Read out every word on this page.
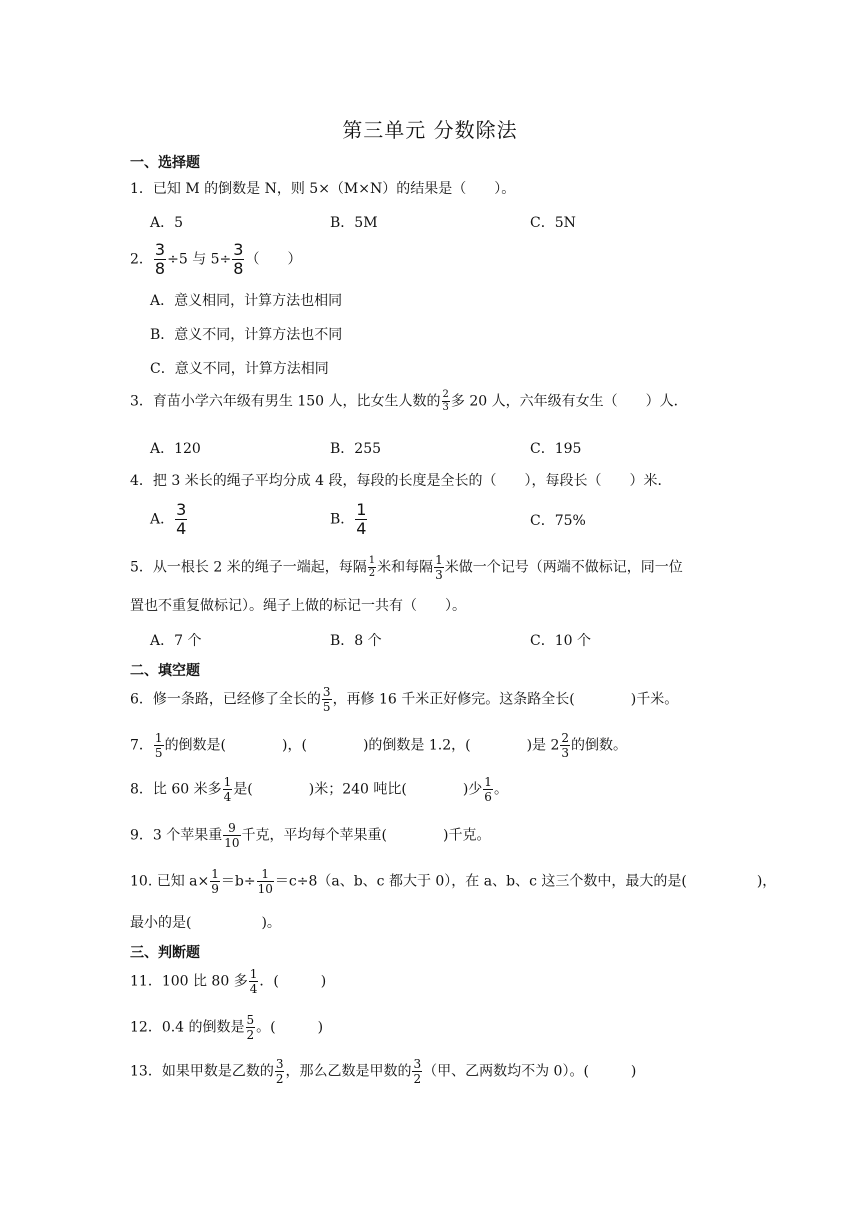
第三单元 分数除法
一、选择题
1．已知 M 的倒数是 N，则 5×（M×N）的结果是（　　）。
A．5	B．5M	C．5N
2． $\frac{3}{8} \div 5$ 与 $5\div \frac{3}{8}$ （　　）
A．意义相同，计算方法也相同
B．意义不同，计算方法也不同
C．意义不同，计算方法相同
3．育苗小学六年级有男生 150 人，比女生人数的 $\frac{2}{3}$ 多 20 人，六年级有女生（　　）人．
A．120	B．255	C．195
4．把 3 米长的绳子平均分成 4 段，每段的长度是全长的（　　），每段长（　　）米．
A． $\frac{3}{4}$	B． $\frac{1}{4}$	C．75%
5．从一根长 2 米的绳子一端起，每隔 $\frac{1}{2}$ 米和每隔 $\frac{1}{3}$ 米做一个记号（两端不做标记，同一位
置也不重复做标记）。绳子上做的标记一共有（　　）。
A．7 个	B．8 个	C．10 个
二、填空题
6．修一条路，已经修了全长的 $\frac{3}{5}$ ，再修 16 千米正好修完。这条路全长(　　　　)千米。
7． $\frac{1}{5}$ 的倒数是(　　　　)，(　　　　)的倒数是 1.2，(　　　　)是 $2 \frac{2}{3}$ 的倒数。
8．比 60 米多 $\frac{1}{4}$ 是(　　　　)米；240 吨比(　　　　)少 $\frac{1}{6}$ 。
9．3 个苹果重 $\frac{9}{10}$ 千克，平均每个苹果重(　　　　)千克。
10. 已知 $a\times \frac{1}{9} =b\div \frac{1}{10} =c\div 8(a$、b、c 都大于 0），在 a、b、c 这三个数中，最大的是(　　　　　)，
最小的是(　　　　　)。
三、判断题
11．100 比 80 多 $\frac{1}{4}$ ．(　　　)
12．0.4 的倒数是 $\frac{5}{2}$ 。(　　　)
13．如果甲数是乙数的 $\frac{3}{2}$ ，那么乙数是甲数的 $\frac{3}{2}$ （甲、乙两数均不为 0）。(　　　)
